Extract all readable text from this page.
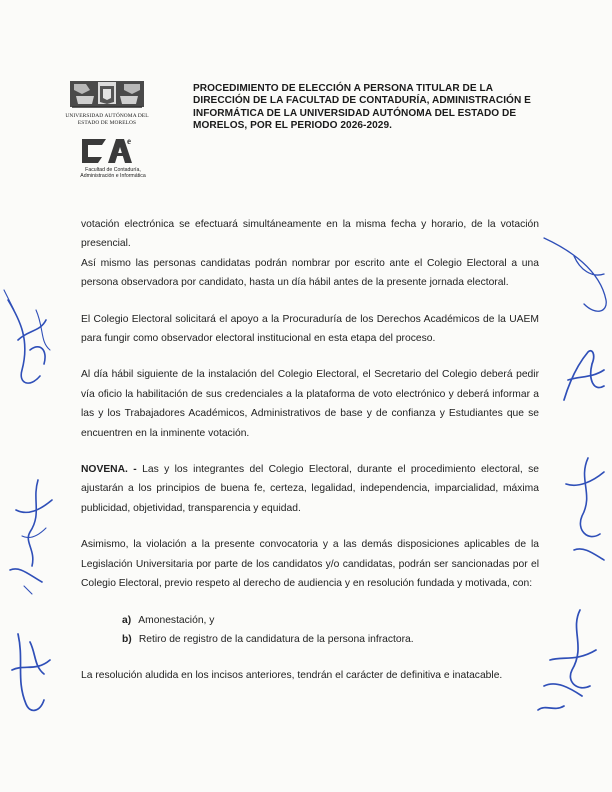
UNIVERSIDAD AUTÓNOMA DEL
ESTADO DE MORELOS
e
Facultad de Contaduría,
Administración e Informática
PROCEDIMIENTO DE ELECCIÓN A PERSONA TITULAR DE LA DIRECCIÓN DE LA FACULTAD DE CONTADURÍA, ADMINISTRACIÓN E INFORMÁTICA DE LA UNIVERSIDAD AUTÓNOMA DEL ESTADO DE MORELOS, POR EL PERIODO 2026-2029.

votación electrónica se efectuará simultáneamente en la misma fecha y horario, de la votación presencial.

Así mismo las personas candidatas podrán nombrar por escrito ante el Colegio Electoral a una persona observadora por candidato, hasta un día hábil antes de la presente jornada electoral.

El Colegio Electoral solicitará el apoyo a la Procuraduría de los Derechos Académicos de la UAEM para fungir como observador electoral institucional en esta etapa del proceso.

Al día hábil siguiente de la instalación del Colegio Electoral, el Secretario del Colegio deberá pedir vía oficio la habilitación de sus credenciales a la plataforma de voto electrónico y deberá informar a las y los Trabajadores Académicos, Administrativos de base y de confianza y Estudiantes que se encuentren en la inminente votación.

NOVENA. - Las y los integrantes del Colegio Electoral, durante el procedimiento electoral, se ajustarán a los principios de buena fe, certeza, legalidad, independencia, imparcialidad, máxima publicidad, objetividad, transparencia y equidad.

Asimismo, la violación a la presente convocatoria y a las demás disposiciones aplicables de la Legislación Universitaria por parte de los candidatos y/o candidatas, podrán ser sancionadas por el Colegio Electoral, previo respeto al derecho de audiencia y en resolución fundada y motivada, con:

a) Amonestación, y
b) Retiro de registro de la candidatura de la persona infractora.

La resolución aludida en los incisos anteriores, tendrán el carácter de definitiva e inatacable.
